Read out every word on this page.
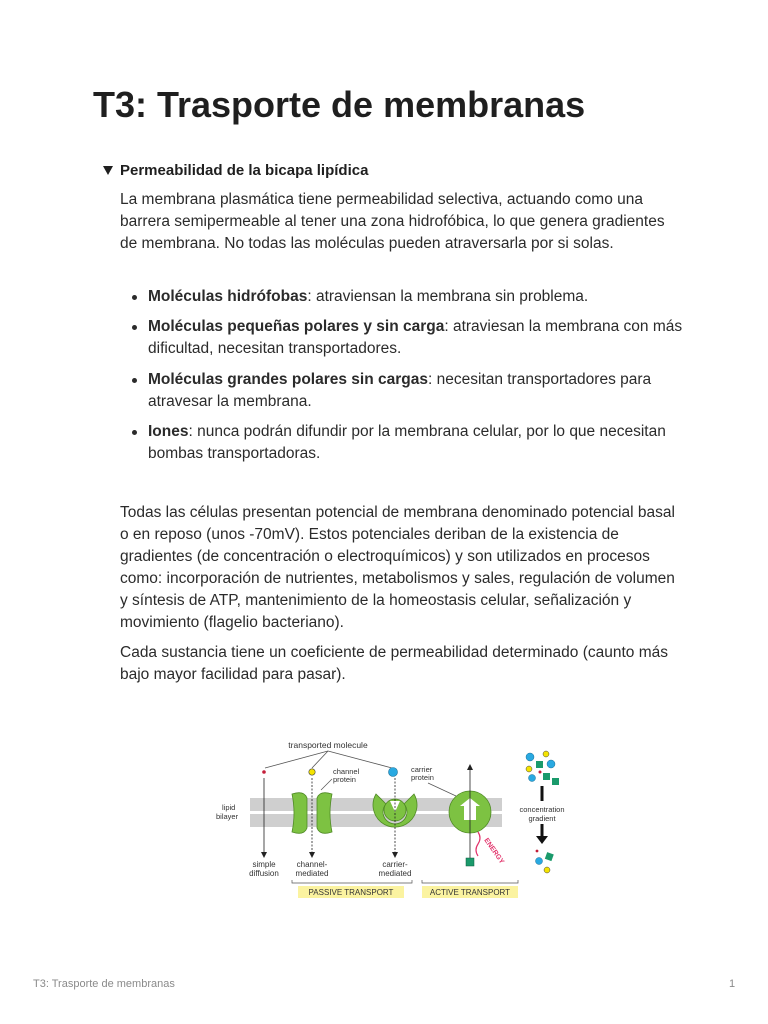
T3: Trasporte de membranas
Permeabilidad de la bicapa lipídica

La membrana plasmática tiene permeabilidad selectiva, actuando como una barrera semipermeable al tener una zona hidrofóbica, lo que genera gradientes de membrana. No todas las moléculas pueden atraversarla por si solas.

Moléculas hidrófobas: atraviensan la membrana sin problema.
Moléculas pequeñas polares y sin carga: atraviesan la membrana con más dificultad, necesitan transportadores.
Moléculas grandes polares sin cargas: necesitan transportadores para atravesar la membrana.
Iones: nunca podrán difundir por la membrana celular, por lo que necesitan bombas transportadoras.

Todas las células presentan potencial de membrana denominado potencial basal o en reposo (unos -70mV). Estos potenciales deriban de la existencia de gradientes (de concentración o electroquímicos) y son utilizados en procesos como: incorporación de nutrientes, metabolismos y sales, regulación de volumen y síntesis de ATP, mantenimiento de la homeostasis celular, señalización y movimiento (flagelio bacteriano).

Cada sustancia tiene un coeficiente de permeabilidad determinado (caunto más bajo mayor facilidad para pasar).

transported molecule
channel
protein
carrier
protein
ENERGY
lipid
bilayer
simple
diffusion
channel-
mediated
carrier-
mediated
PASSIVE TRANSPORT	ACTIVE TRANSPORT
concentration
gradient
T3: Trasporte de membranas	1
